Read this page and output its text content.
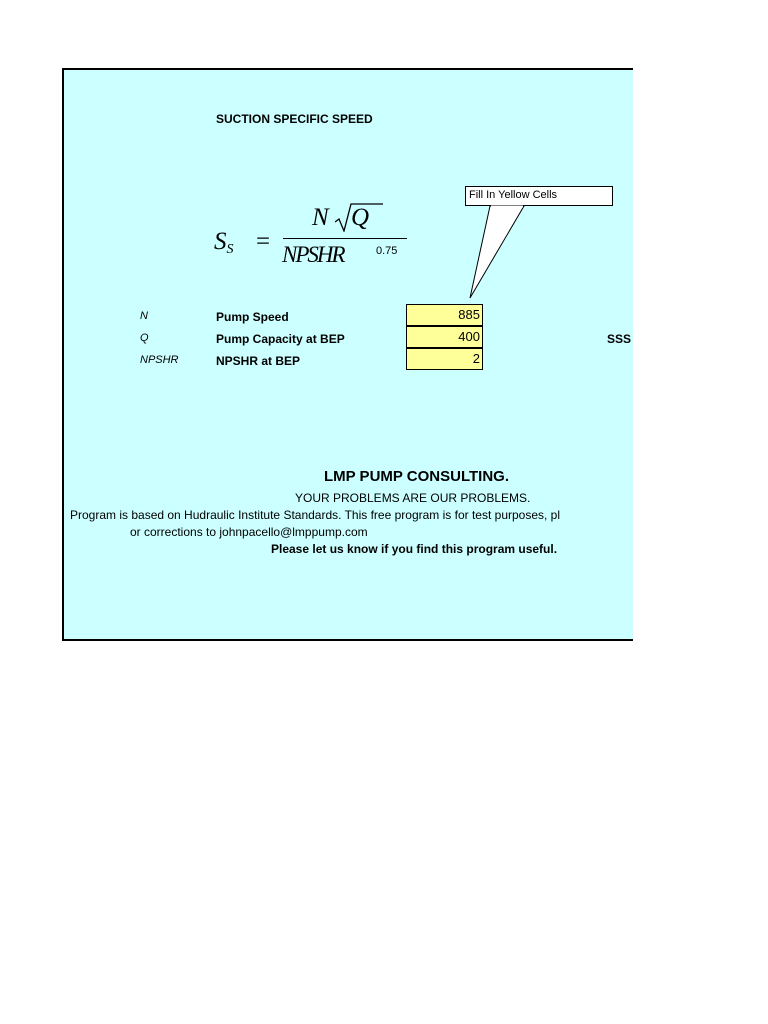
SUCTION SPECIFIC SPEED
$S_S$ =
N Q
NPSHR	0.75
Fill In Yellow Cells
N	Pump Speed	885
Q	Pump Capacity at BEP	400
NPSHR	NPSHR at BEP	2
SSS
LMP PUMP CONSULTING.
YOUR PROBLEMS ARE OUR PROBLEMS.
Program is based on Hudraulic Institute Standards. This free program is for test purposes, pl
or corrections to johnpacello@lmppump.com
Please let us know if you find this program useful.
